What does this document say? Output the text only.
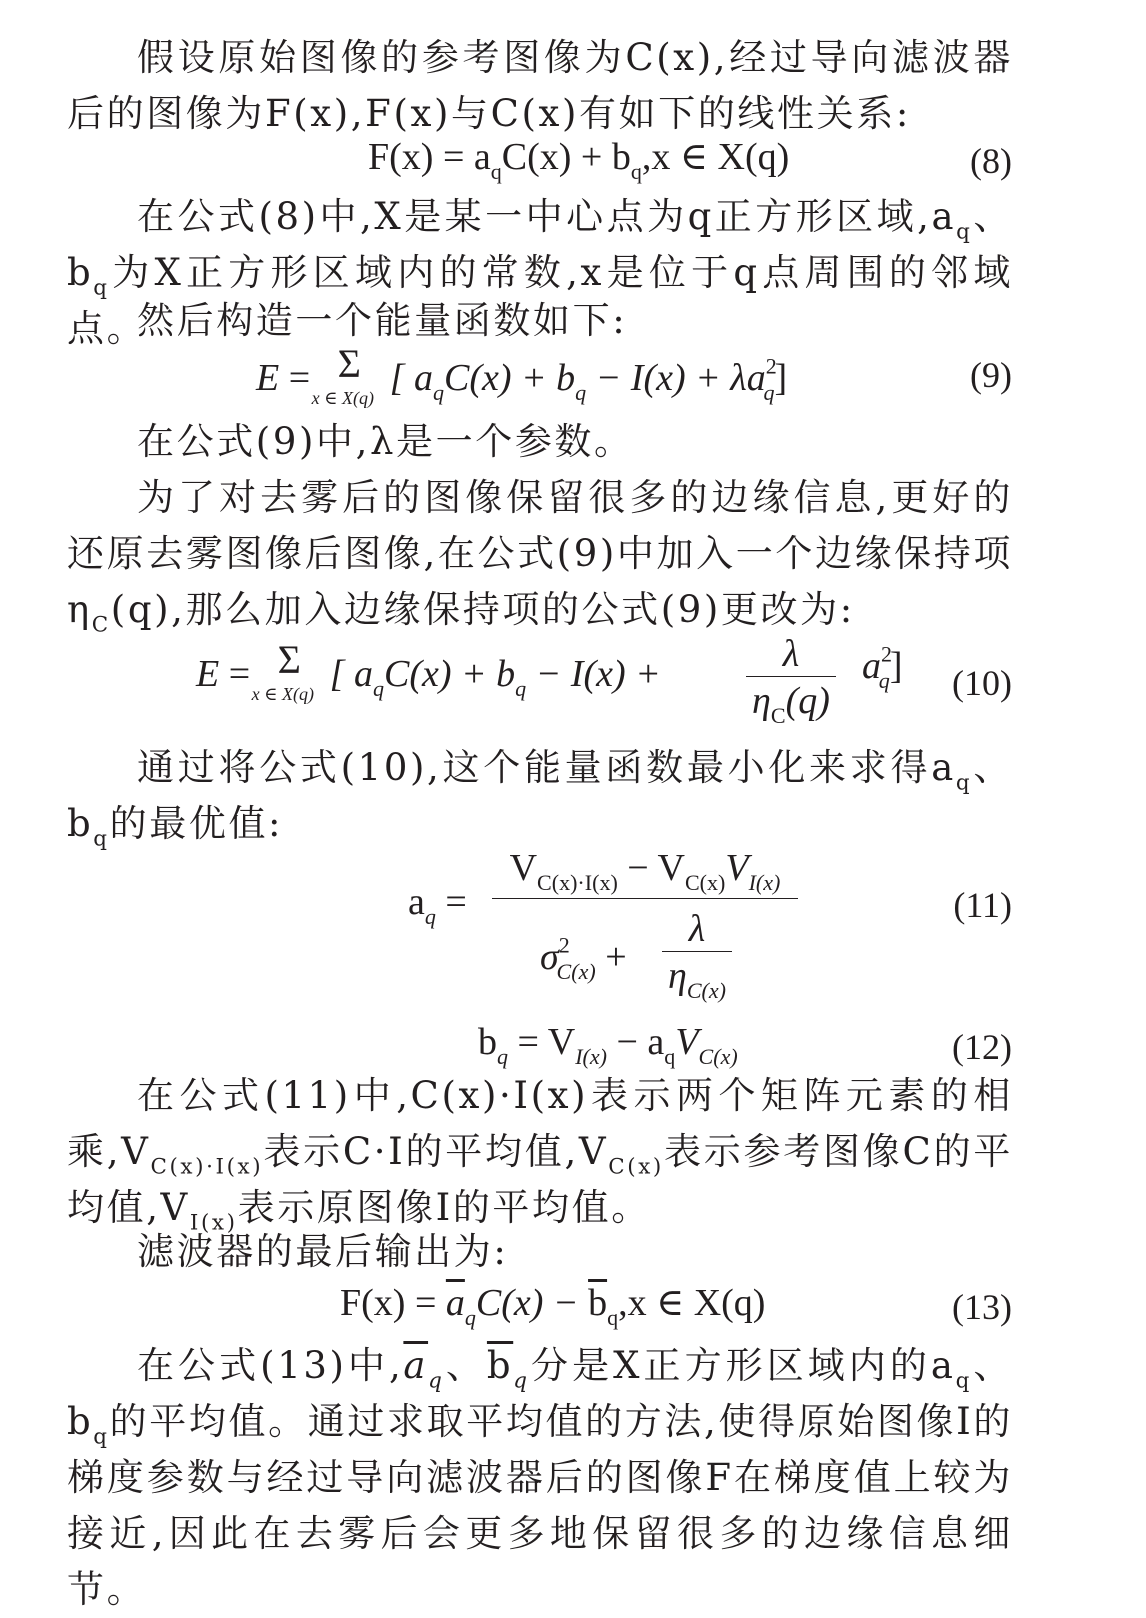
假设原始图像的参考图像为C(x),经过导向滤波器后的图像为F(x),F(x)与C(x)有如下的线性关系:

$F(x) = a_qC(x) + b_q,x$ ∈ X(q)	(8)

在公式(8)中,X是某一中心点为q正方形区域$,a_q$、$b_q$为X正方形区域内的常数,x是位于q点周围的邻域点。

然后构造一个能量函数如下:

E = Σ
x ∈ X(q) [ $a_qC(x) + b_q - I(x) + \lambda a^2_q$]	(9)

在公式(9)中,λ是一个参数。

为了对去雾后的图像保留很多的边缘信息,更好的还原去雾图像后图像,在公式(9)中加入一个边缘保持项$\eta_C(q)$,那么加入边缘保持项的公式(9)更改为:

E = Σ
x ∈ X(q) [ $a_qC(x) + b_q - I(x) + \frac{\lambda}{\eta_C(q)} a^2_q$] (10)

通过将公式(10),这个能量函数最小化来求得$a_q$、$b_q$的最优值:

$a_q$ =
$V_{C(x)\cdot I(x)} - V_{C(x)}V_{I(x)}$
$\sigma^2_{C(x)} + \frac{\lambda}{\eta_{C(x)}}$
(11)
$b_q = V_{I(x)} - a_qV_{C(x)}$	(12)

在公式(11)中,C(x)·I(x)表示两个矩阵元素的相乘$,V_{C(x)\cdot I(x)}$表示C·I的平均值$,V_{C(x)}$表示参考图像C的平均值$,V_{I(x)}$表示原图像I的平均值。

滤波器的最后输出为:

$F(x) = \overline{a}_qC(x) - \overline{b}_q,x$ ∈ X(q)	(13)

在公式(13)中$,\overline{a}_q$、$\overline{b}_q$分是X正方形区域内的$a_q$、$b_q$的平均值。通过求取平均值的方法,使得原始图像I的梯度参数与经过导向滤波器后的图像F在梯度值上较为接近,因此在去雾后会更多地保留很多的边缘信息细节。
